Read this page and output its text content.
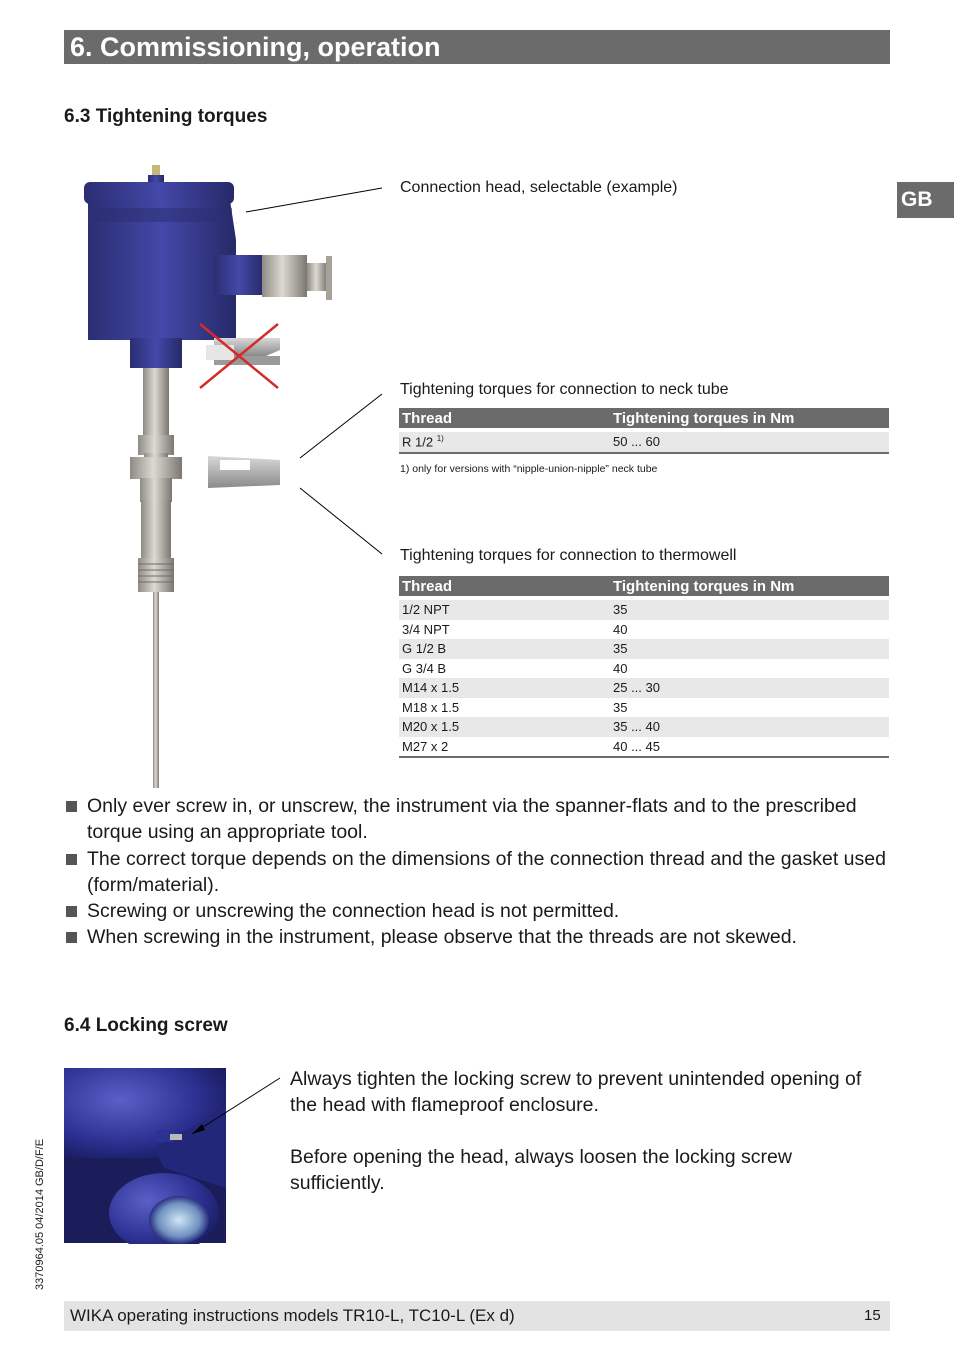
6. Commissioning, operation
GB
6.3 Tightening torques
Connection head, selectable (example)
Tightening torques for connection to neck tube
Thread	Tightening torques in Nm

R 1/2 $^{1)}$	50 ... 60
1) only for versions with “nipple-union-nipple” neck tube
Tightening torques for connection to thermowell
Thread	Tightening torques in Nm

1/2 NPT	35
3/4 NPT	40
G 1/2 B	35
G 3/4 B	40
M14 x 1.5	25 ... 30
M18 x 1.5	35
M20 x 1.5	35 ... 40
M27 x 2	40 ... 45
Only ever screw in, or unscrew, the instrument via the spanner-flats and to the prescribed torque using an appropriate tool.
The correct torque depends on the dimensions of the connection thread and the gasket used (form/material).
Screwing or unscrewing the connection head is not permitted.
When screwing in the instrument, please observe that the threads are not skewed.
6.4 Locking screw
Always tighten the locking screw to prevent unintended opening of the head with flameproof enclosure.
Before opening the head, always loosen the locking screw sufficiently.
3370964.05 04/2014 GB/D/F/E
WIKA operating instructions models TR10-L, TC10-L (Ex d)	15
